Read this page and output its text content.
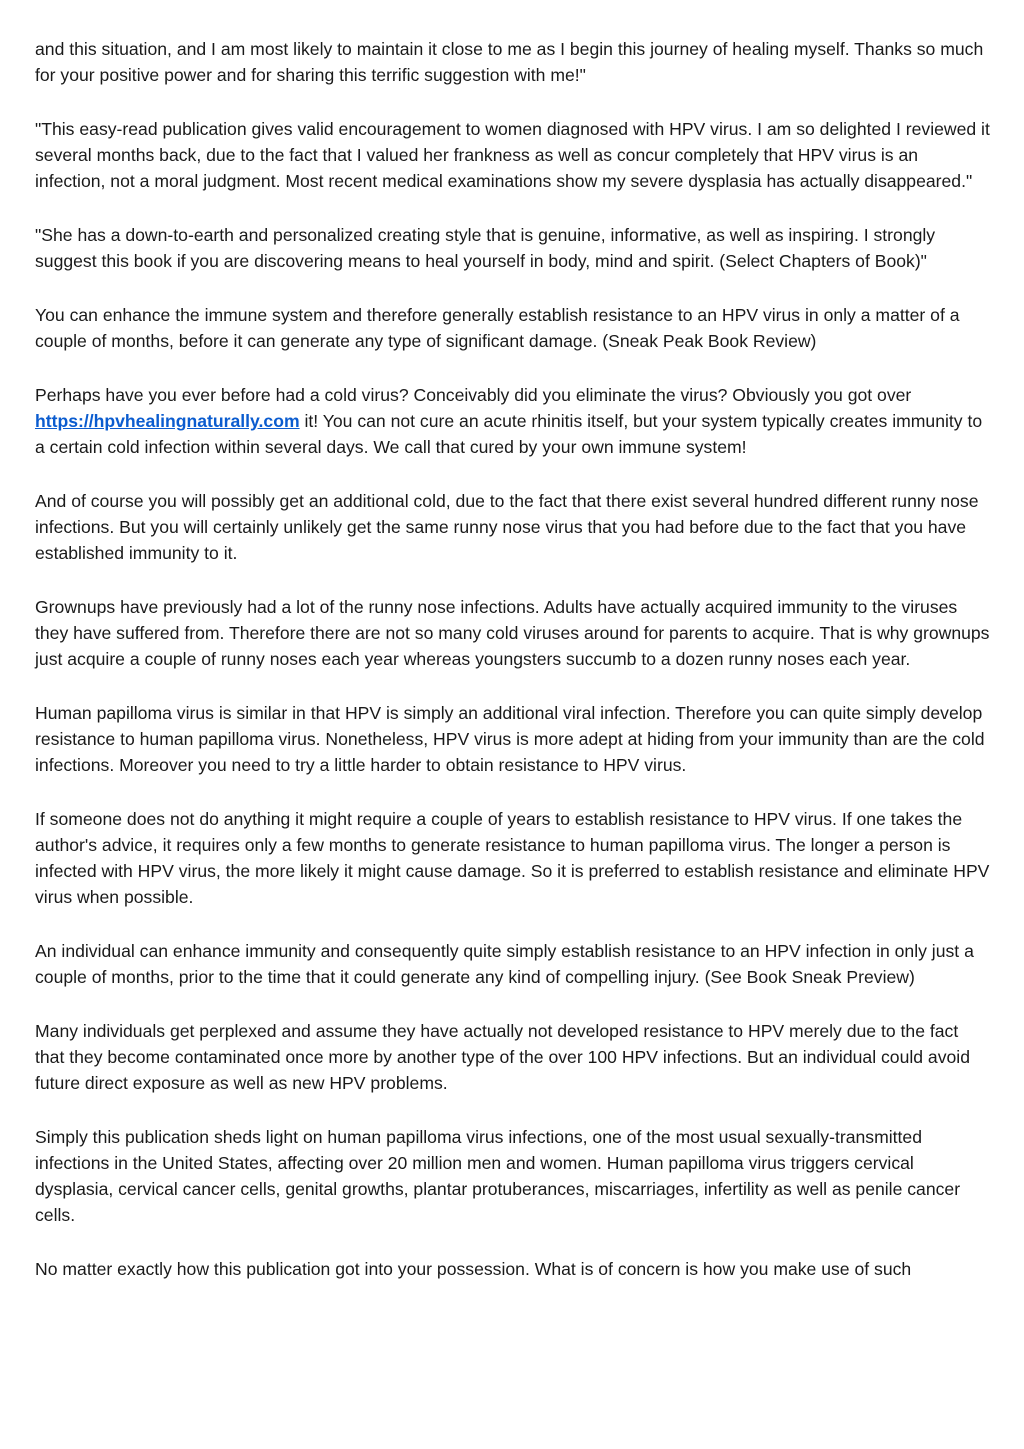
and this situation, and I am most likely to maintain it close to me as I begin this journey of healing myself. Thanks so much for your positive power and for sharing this terrific suggestion with me!"

"This easy-read publication gives valid encouragement to women diagnosed with HPV virus. I am so delighted I reviewed it several months back, due to the fact that I valued her frankness as well as concur completely that HPV virus is an infection, not a moral judgment. Most recent medical examinations show my severe dysplasia has actually disappeared."

"She has a down-to-earth and personalized creating style that is genuine, informative, as well as inspiring. I strongly suggest this book if you are discovering means to heal yourself in body, mind and spirit. (Select Chapters of Book)"

You can enhance the immune system and therefore generally establish resistance to an HPV virus in only a matter of a couple of months, before it can generate any type of significant damage. (Sneak Peak Book Review)

Perhaps have you ever before had a cold virus? Conceivably did you eliminate the virus? Obviously you got over https://hpvhealingnaturally.com it! You can not cure an acute rhinitis itself, but your system typically creates immunity to a certain cold infection within several days. We call that cured by your own immune system!

And of course you will possibly get an additional cold, due to the fact that there exist several hundred different runny nose infections. But you will certainly unlikely get the same runny nose virus that you had before due to the fact that you have established immunity to it.

Grownups have previously had a lot of the runny nose infections. Adults have actually acquired immunity to the viruses they have suffered from. Therefore there are not so many cold viruses around for parents to acquire. That is why grownups just acquire a couple of runny noses each year whereas youngsters succumb to a dozen runny noses each year.

Human papilloma virus is similar in that HPV is simply an additional viral infection. Therefore you can quite simply develop resistance to human papilloma virus. Nonetheless, HPV virus is more adept at hiding from your immunity than are the cold infections. Moreover you need to try a little harder to obtain resistance to HPV virus.

If someone does not do anything it might require a couple of years to establish resistance to HPV virus. If one takes the author's advice, it requires only a few months to generate resistance to human papilloma virus. The longer a person is infected with HPV virus, the more likely it might cause damage. So it is preferred to establish resistance and eliminate HPV virus when possible.

An individual can enhance immunity and consequently quite simply establish resistance to an HPV infection in only just a couple of months, prior to the time that it could generate any kind of compelling injury. (See Book Sneak Preview)

Many individuals get perplexed and assume they have actually not developed resistance to HPV merely due to the fact that they become contaminated once more by another type of the over 100 HPV infections. But an individual could avoid future direct exposure as well as new HPV problems.

Simply this publication sheds light on human papilloma virus infections, one of the most usual sexually-transmitted infections in the United States, affecting over 20 million men and women. Human papilloma virus triggers cervical dysplasia, cervical cancer cells, genital growths, plantar protuberances, miscarriages, infertility as well as penile cancer cells.

No matter exactly how this publication got into your possession. What is of concern is how you make use of such
